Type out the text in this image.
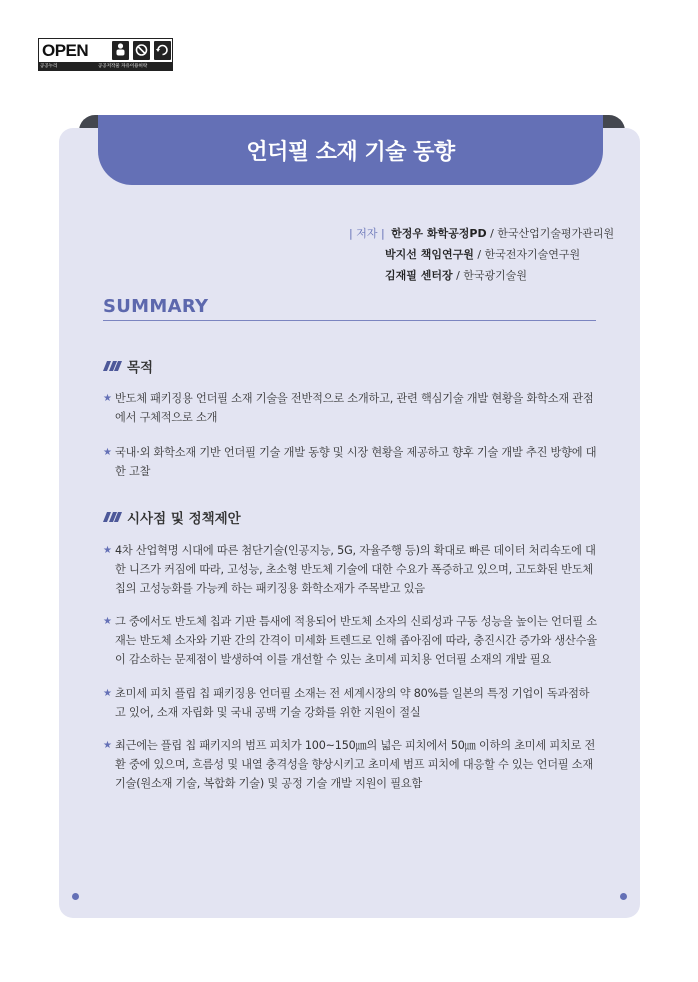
OPEN
공공누리	공공저작물 자유이용허락
언더필 소재 기술 동향
| 저자 | 한정우 화학공정PD / 한국산업기술평가관리원
박지선 책임연구원 / 한국전자기술연구원
김재필 센터장 / 한국광기술원
SUMMARY
목적
★ 반도체 패키징용 언더필 소재 기술을 전반적으로 소개하고, 관련 핵심기술 개발 현황을 화학소재 관점에서 구체적으로 소개
★ 국내·외 화학소재 기반 언더필 기술 개발 동향 및 시장 현황을 제공하고 향후 기술 개발 추진 방향에 대한 고찰
시사점 및 정책제안
★ 4차 산업혁명 시대에 따른 첨단기술(인공지능, 5G, 자율주행 등)의 확대로 빠른 데이터 처리속도에 대한 니즈가 커짐에 따라, 고성능, 초소형 반도체 기술에 대한 수요가 폭증하고 있으며, 고도화된 반도체 칩의 고성능화를 가능케 하는 패키징용 화학소재가 주목받고 있음
★ 그 중에서도 반도체 칩과 기판 틈새에 적용되어 반도체 소자의 신뢰성과 구동 성능을 높이는 언더필 소재는 반도체 소자와 기판 간의 간격이 미세화 트렌드로 인해 좁아짐에 따라, 충진시간 증가와 생산수율이 감소하는 문제점이 발생하여 이를 개선할 수 있는 초미세 피치용 언더필 소재의 개발 필요
★ 초미세 피치 플립 칩 패키징용 언더필 소재는 전 세계시장의 약 80%를 일본의 특정 기업이 독과점하고 있어, 소재 자립화 및 국내 공백 기술 강화를 위한 지원이 절실
★ 최근에는 플립 칩 패키지의 범프 피치가 100~150㎛의 넓은 피치에서 50㎛ 이하의 초미세 피치로 전환 중에 있으며, 흐름성 및 내열 충격성을 향상시키고 초미세 범프 피치에 대응할 수 있는 언더필 소재 기술(원소재 기술, 복합화 기술) 및 공정 기술 개발 지원이 필요함
